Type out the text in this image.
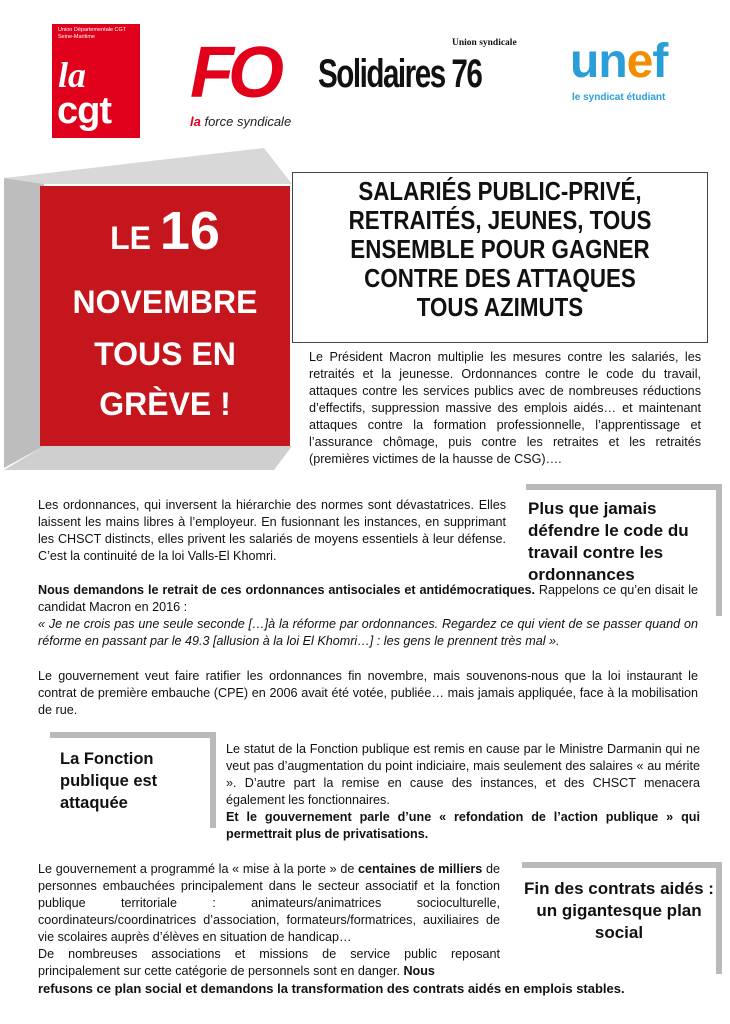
Union Départementale CGT Seine-Maritime
la
cgt FO
la force syndicale
Union syndicale
Solidaires 76 unef
le syndicat étudiant
LE 16
NOVEMBRE
TOUS EN
GRÈVE !
SALARIÉS PUBLIC-PRIVÉ,
RETRAITÉS, JEUNES, TOUS
ENSEMBLE POUR GAGNER
CONTRE DES ATTAQUES
TOUS AZIMUTS
Le Président Macron multiplie les mesures contre les salariés, les retraités et la jeunesse. Ordonnances contre le code du travail, attaques contre les services publics avec de nombreuses réductions d’effectifs, suppression massive des emplois aidés… et maintenant attaques contre la formation professionnelle, l’apprentissage et l’assurance chômage, puis contre les retraites et les retraités (premières victimes de la hausse de CSG)….
Les ordonnances, qui inversent la hiérarchie des normes sont dévastatrices. Elles laissent les mains libres à l’employeur. En fusionnant les instances, en supprimant les CHSCT distincts, elles privent les salariés de moyens essentiels à leur défense. C’est la continuité de la loi Valls-El Khomri.
Plus que jamais défendre le code du travail contre les ordonnances
Nous demandons le retrait de ces ordonnances antisociales et antidémocratiques. Rappelons ce qu’en disait le candidat Macron en 2016 :
« Je ne crois pas une seule seconde […]à la réforme par ordonnances. Regardez ce qui vient de se passer quand on réforme en passant par le 49.3 [allusion à la loi El Khomri…] : les gens le prennent très mal ».
Le gouvernement veut faire ratifier les ordonnances fin novembre, mais souvenons-nous que la loi instaurant le contrat de première embauche (CPE) en 2006 avait été votée, publiée… mais jamais appliquée, face à la mobilisation de rue.
La Fonction publique est attaquée
Le statut de la Fonction publique est remis en cause par le Ministre Darmanin qui ne veut pas d’augmentation du point indiciaire, mais seulement des salaires « au mérite ». D’autre part la remise en cause des instances, et des CHSCT menacera également les fonctionnaires.
Et le gouvernement parle d’une « refondation de l’action publique » qui permettrait plus de privatisations.
Le gouvernement a programmé la « mise à la porte » de centaines de milliers de personnes embauchées principalement dans le secteur associatif et la fonction publique territoriale : animateurs/animatrices socioculturelle, coordinateurs/coordinatrices d’association, formateurs/formatrices, auxiliaires de vie scolaires auprès d’élèves en situation de handicap…
De nombreuses associations et missions de service public reposant principalement sur cette catégorie de personnels sont en danger. Nous
Fin des contrats aidés : un gigantesque plan social
refusons ce plan social et demandons la transformation des contrats aidés en emplois stables.
